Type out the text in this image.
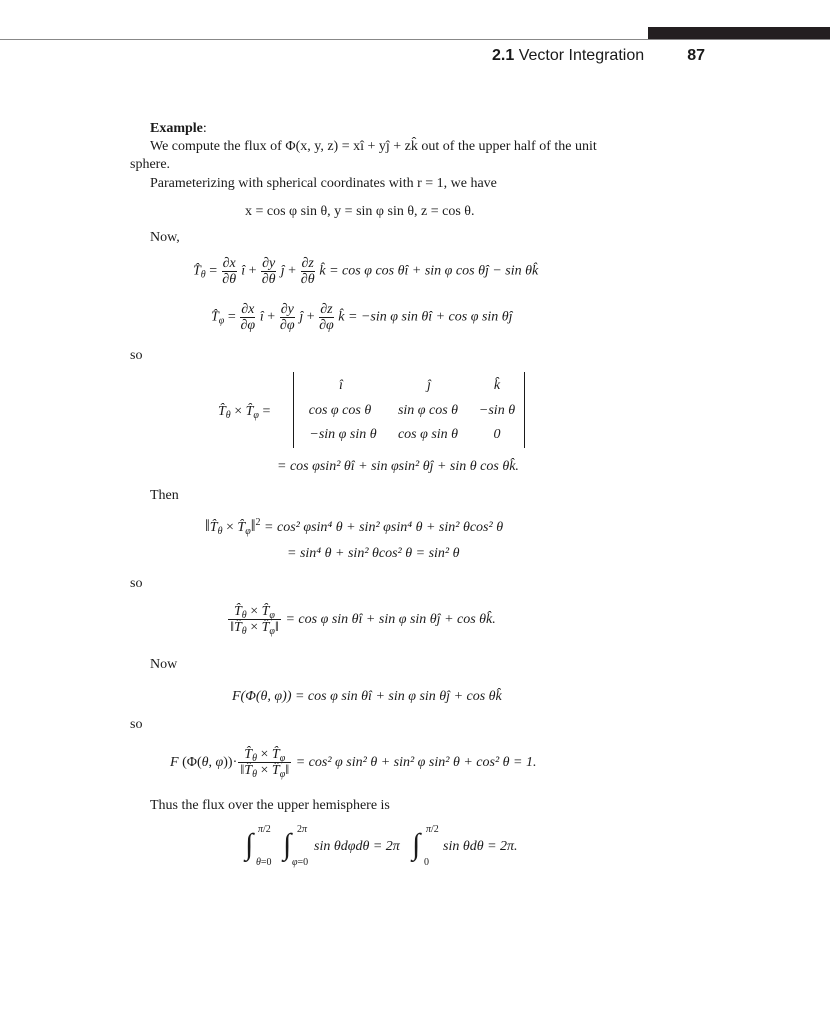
2.1 Vector Integration	87
Example:
We compute the flux of Φ(x, y, z) = xî + yĵ + zk̂ out of the upper half of the unit
sphere.
Parameterizing with spherical coordinates with r = 1, we have
x = cos φ sin θ, y = sin φ sin θ, z = cos θ.
Now,
$T̂_\theta = \frac{\partial x}{\partial\theta}$ î + $\frac{\partial y}{\partial\theta}$ ĵ + $\frac{\partial z}{\partial\theta}$ k̂ = cos φ cos θî + sin φ cos θĵ − sin θk̂
$T̂_\varphi = \frac{\partial x}{\partial\varphi}$ î + $\frac{\partial y}{\partial\varphi}$ ĵ + $\frac{\partial z}{\partial\varphi}$ k̂ = −sin φ sin θî + cos φ sin θĵ
so
$T̂_\theta$ × $T̂_\varphi$ =
î	ĵ	k̂
cos φ cos θ	sin φ cos θ	−sin θ
−sin φ sin θ	cos φ sin θ	0
= cos φsin² θî + sin φsin² θĵ + sin θ cos θk̂.
Then
$‖T̂_\theta$ × $T̂_\varphi‖^2 = \cos^2$ φsin⁴ θ + sin² φsin⁴ θ + sin² θcos² θ
= sin⁴ θ + sin² θcos² θ = sin² θ
so
$\frac{T̂_\theta \times T̂_\varphi}{‖T̂_\theta \times T̂_\varphi‖} = \cos \varphi$ sin θî + sin φ sin θĵ + cos θk̂.
Now
F(Φ(θ, φ)) = cos φ sin θî + sin φ sin θĵ + cos θk̂
so
F (Φ(θ, $\varphi))\cdot \frac{T̂_\theta \times T̂_\varphi}{‖T̂_\theta \times T̂_\varphi‖} = \cos^2$ φ sin² θ + sin² φ sin² θ + cos² θ = 1.
Thus the flux over the upper hemisphere is
∫ π/2
θ=0
∫ 2π
φ=0
sin θdφdθ = 2π ∫ π/2
0
sin θdθ = 2π.
